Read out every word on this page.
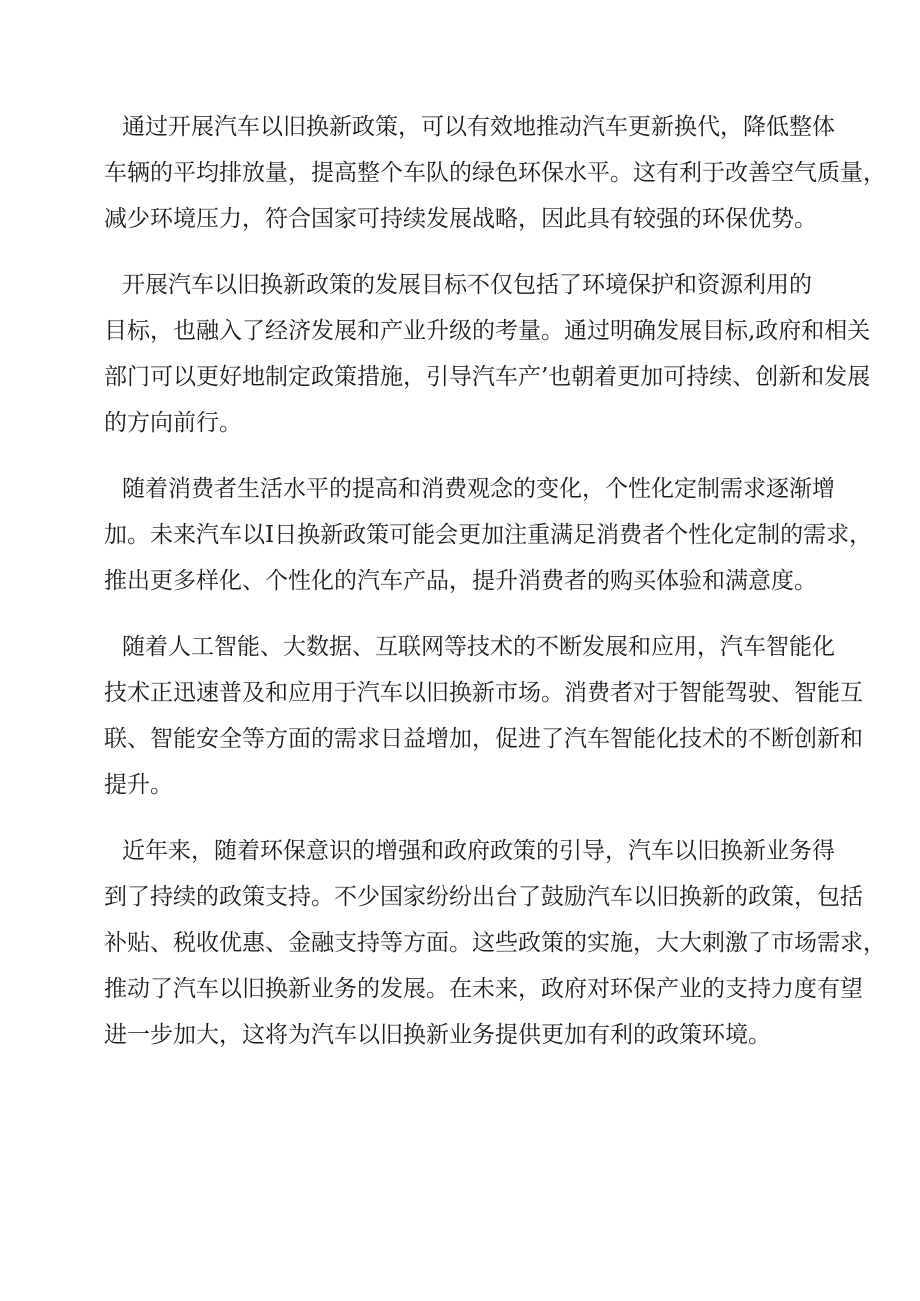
通过开展汽车以旧换新政策，可以有效地推动汽车更新换代，降低整体
车辆的平均排放量，提高整个车队的绿色环保水平。这有利于改善空气质量，
减少环境压力，符合国家可持续发展战略，因此具有较强的环保优势。

开展汽车以旧换新政策的发展目标不仅包括了环境保护和资源利用的
目标，也融入了经济发展和产业升级的考量。通过明确发展目标,政府和相关
部门可以更好地制定政策措施，引导汽车产’也朝着更加可持续、创新和发展
的方向前行。

随着消费者生活水平的提高和消费观念的变化，个性化定制需求逐渐增
加。未来汽车以I日换新政策可能会更加注重满足消费者个性化定制的需求，
推出更多样化、个性化的汽车产品，提升消费者的购买体验和满意度。

随着人工智能、大数据、互联网等技术的不断发展和应用，汽车智能化
技术正迅速普及和应用于汽车以旧换新市场。消费者对于智能驾驶、智能互
联、智能安全等方面的需求日益增加，促进了汽车智能化技术的不断创新和
提升。

近年来，随着环保意识的增强和政府政策的引导，汽车以旧换新业务得
到了持续的政策支持。不少国家纷纷出台了鼓励汽车以旧换新的政策，包括
补贴、税收优惠、金融支持等方面。这些政策的实施，大大刺激了市场需求，
推动了汽车以旧换新业务的发展。在未来，政府对环保产业的支持力度有望
进一步加大，这将为汽车以旧换新业务提供更加有利的政策环境。
